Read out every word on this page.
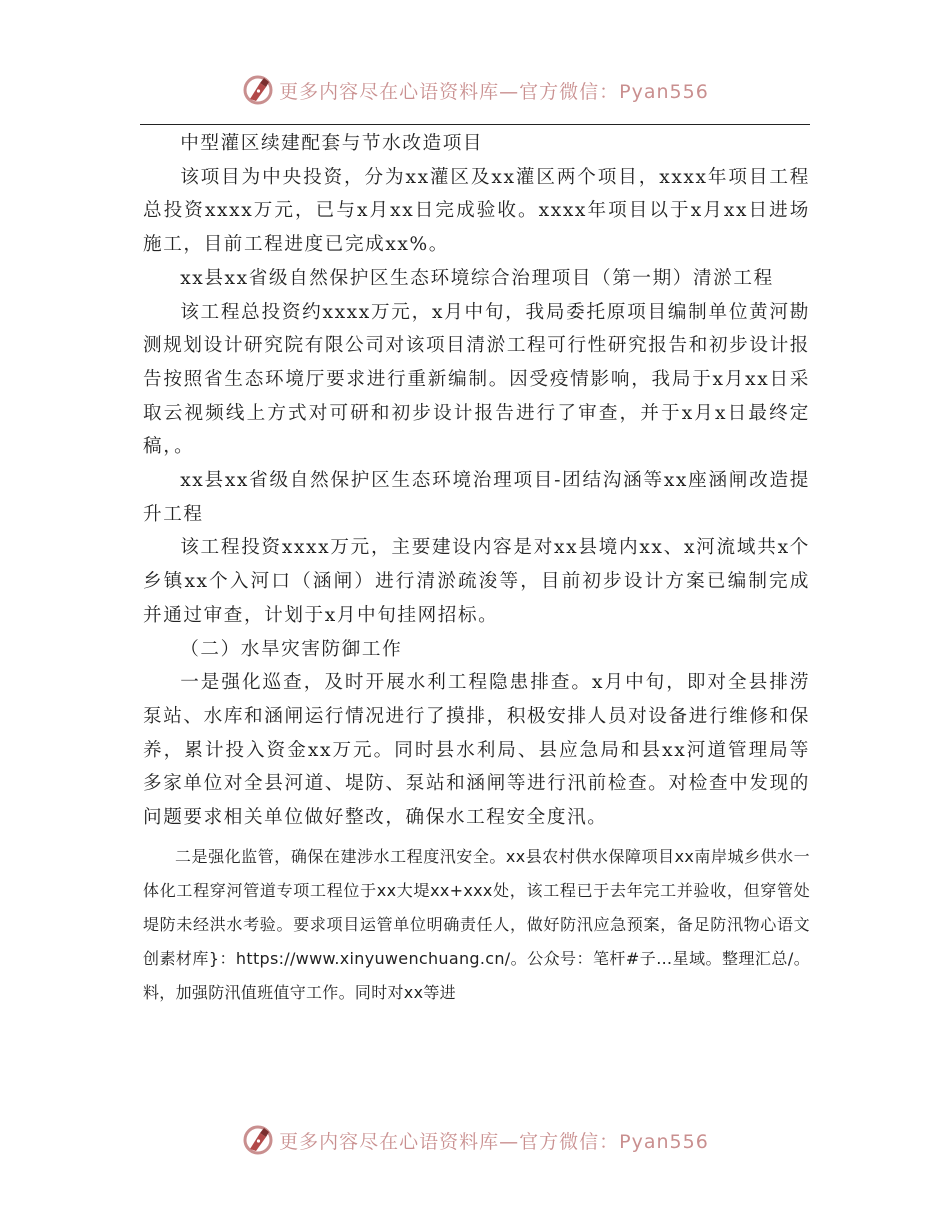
更多内容尽在心语资料库—官方微信：Pyan556

中型灌区续建配套与节水改造项目

该项目为中央投资，分为xx灌区及xx灌区两个项目，xxxx年项目工程总投资xxxx万元，已与x月xx日完成验收。xxxx年项目以于x月xx日进场施工，目前工程进度已完成xx%。

xx县xx省级自然保护区生态环境综合治理项目（第一期）清淤工程

该工程总投资约xxxx万元，x月中旬，我局委托原项目编制单位黄河勘测规划设计研究院有限公司对该项目清淤工程可行性研究报告和初步设计报告按照省生态环境厅要求进行重新编制。因受疫情影响，我局于x月xx日采取云视频线上方式对可研和初步设计报告进行了审查，并于x月x日最终定稿，。

xx县xx省级自然保护区生态环境治理项目-团结沟涵等xx座涵闸改造提升工程

该工程投资xxxx万元，主要建设内容是对xx县境内xx、x河流域共x个乡镇xx个入河口（涵闸）进行清淤疏浚等，目前初步设计方案已编制完成并通过审查，计划于x月中旬挂网招标。

（二）水旱灾害防御工作

一是强化巡查，及时开展水利工程隐患排查。x月中旬，即对全县排涝泵站、水库和涵闸运行情况进行了摸排，积极安排人员对设备进行维修和保养，累计投入资金xx万元。同时县水利局、县应急局和县xx河道管理局等多家单位对全县河道、堤防、泵站和涵闸等进行汛前检查。对检查中发现的问题要求相关单位做好整改，确保水工程安全度汛。

二是强化监管，确保在建涉水工程度汛安全。xx县农村供水保障项目xx南岸城乡供水一体化工程穿河管道专项工程位于xx大堤xx+xxx处，该工程已于去年完工并验收，但穿管处堤防未经洪水考验。要求项目运管单位明确责任人，做好防汛应急预案，备足防汛物心语文创素材库}：https://www.xinyuwenchuang.cn/。公众号：笔杆#子…星域。整理汇总/。料，加强防汛值班值守工作。同时对xx等进

更多内容尽在心语资料库—官方微信：Pyan556
